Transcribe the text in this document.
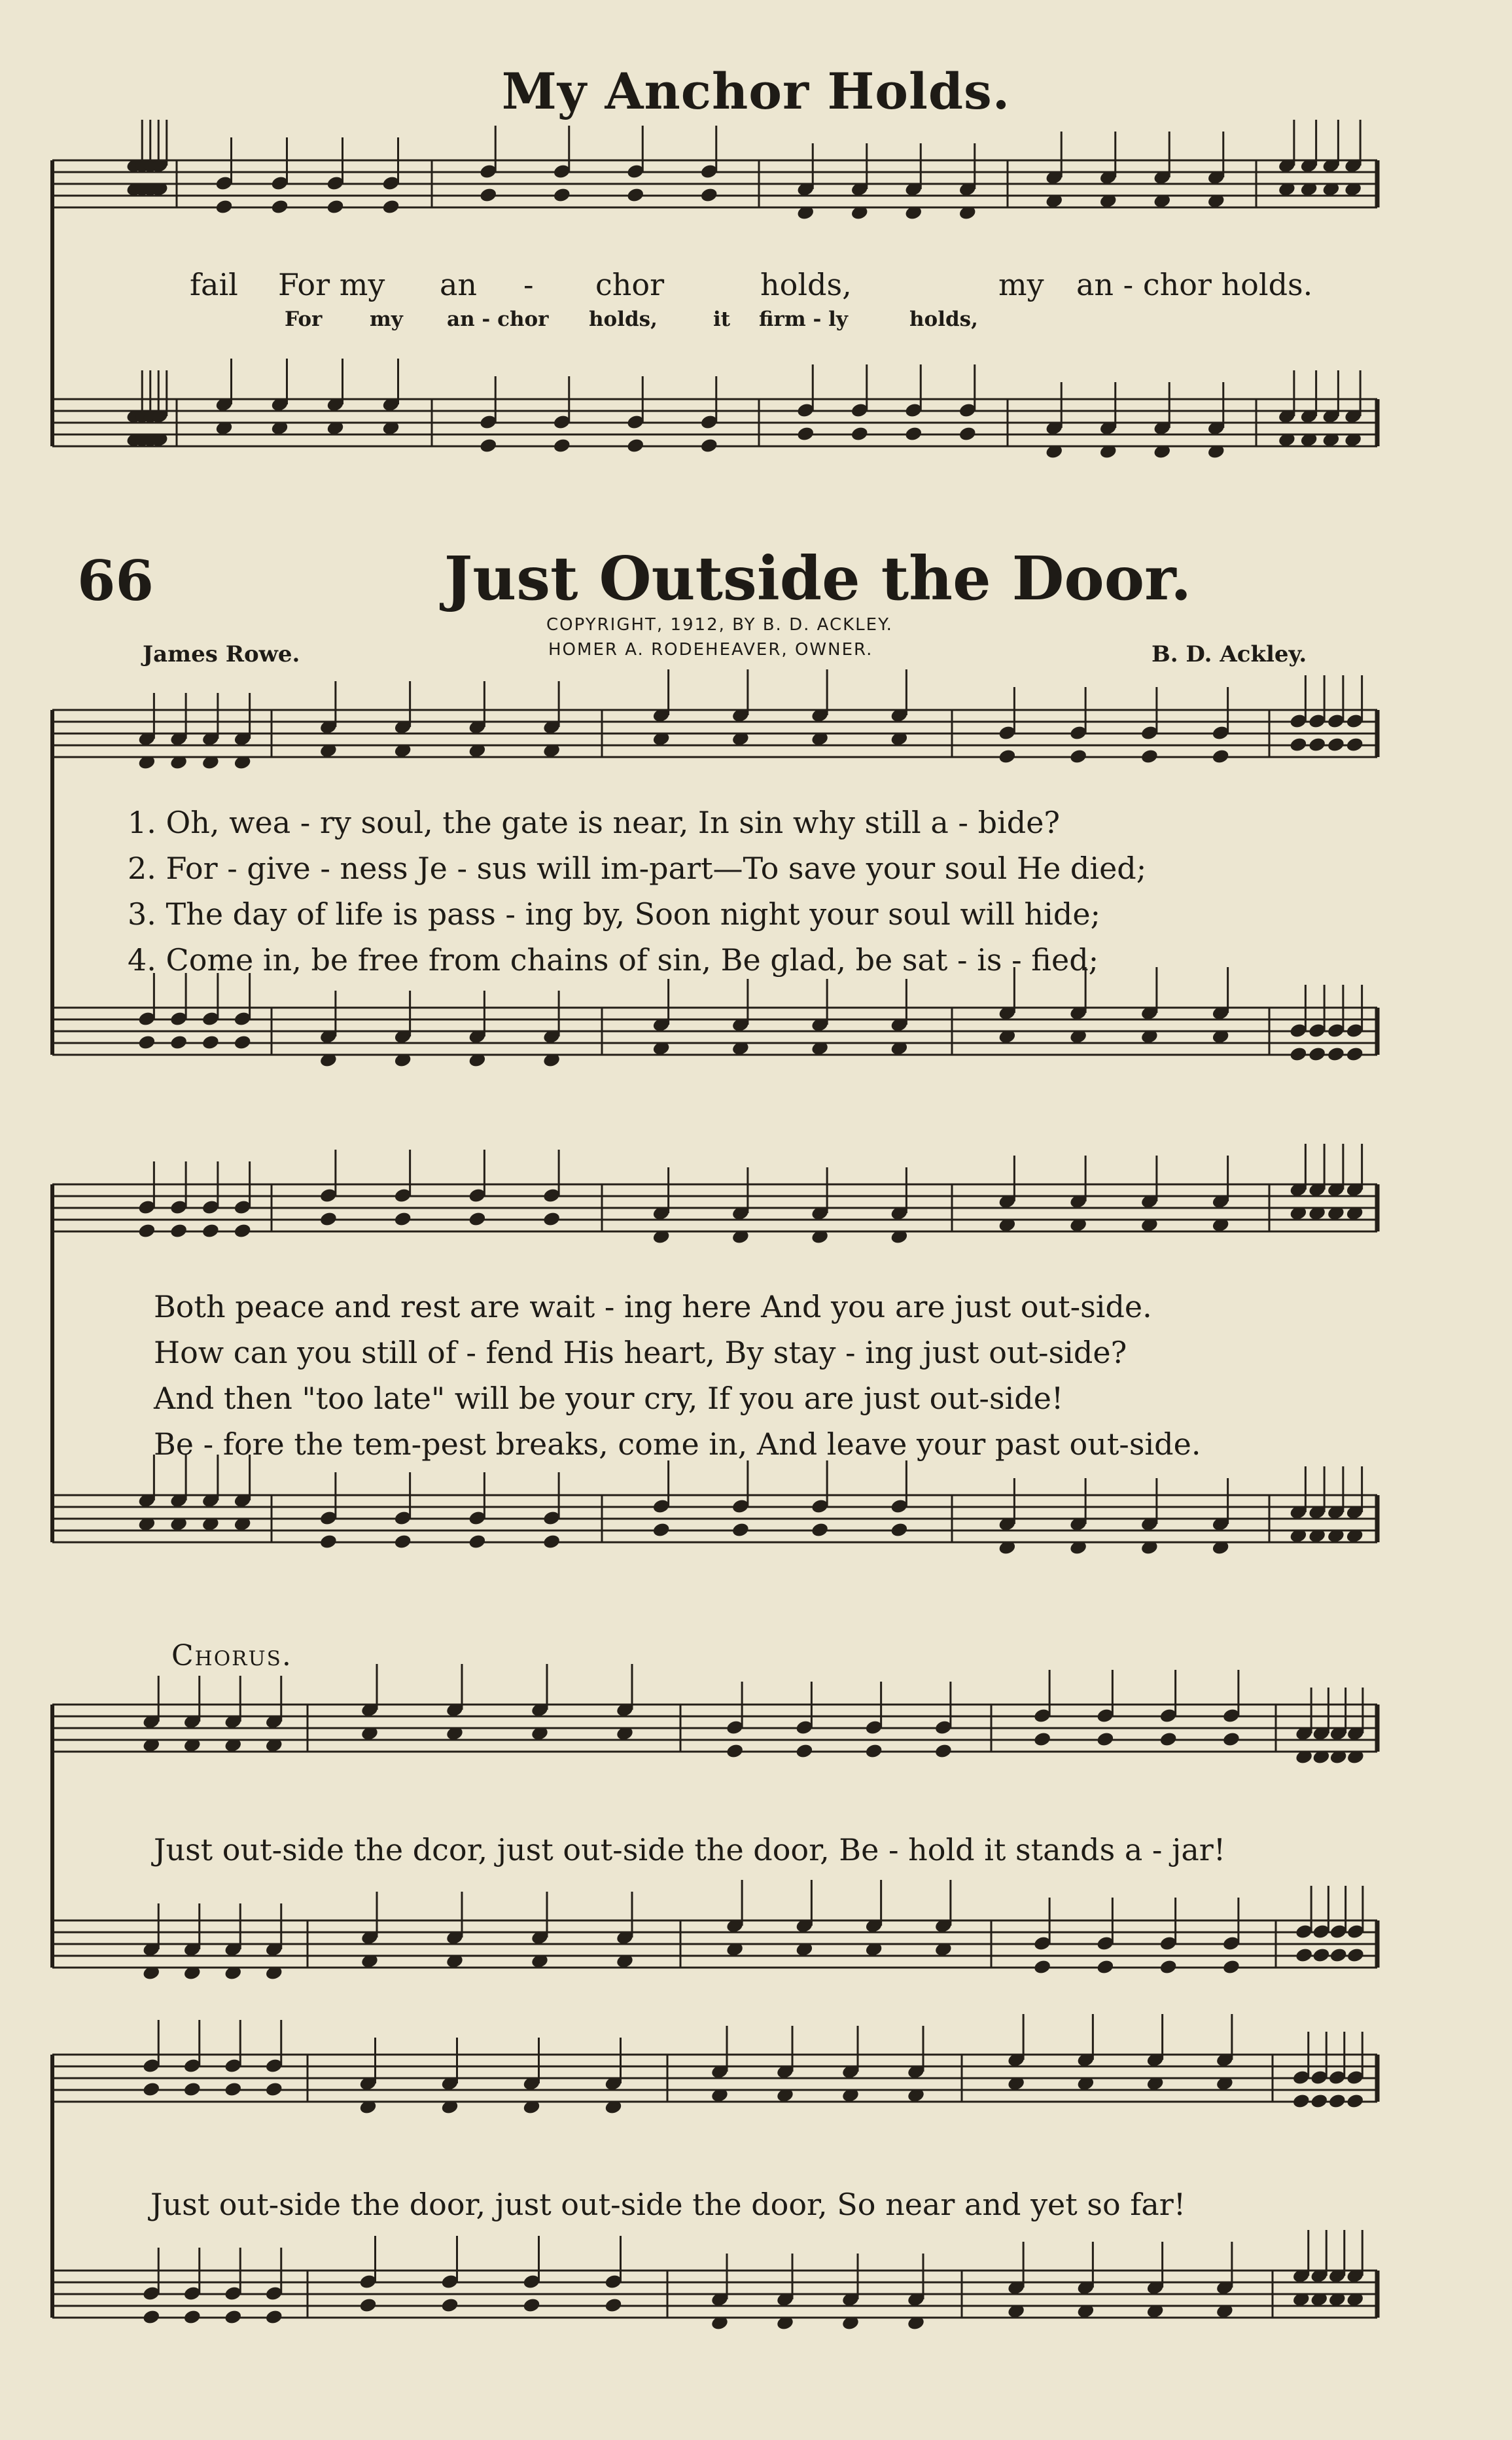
My Anchor Holds.
fail For my an - chor	holds,	my an - chor holds.
For my an - chor holds,	it firm - ly	holds,
66	Just Outside the Door.
COPYRIGHT, 1912, BY B. D. ACKLEY.
HOMER A. RODEHEAVER, OWNER.
James Rowe.	B. D. Ackley.
1. Oh, wea - ry soul, the gate is near, In sin why still a - bide?
2. For - give - ness Je - sus will im-part—To save your soul He died;
3. The day of life is pass - ing by, Soon night your soul will hide;
4. Come in, be free from chains of sin, Be glad, be sat - is - fied;
Both peace and rest are wait - ing here And you are just out-side.
How can you still of - fend His heart, By stay - ing just out-side?
And then "too late" will be your cry, If you are just out-side!
Be - fore the tem-pest breaks, come in, And leave your past out-side.
Chorus.
Just out-side the dcor, just out-side the door, Be - hold it stands a - jar!
Just out-side the door, just out-side the door, So near and yet so far!
